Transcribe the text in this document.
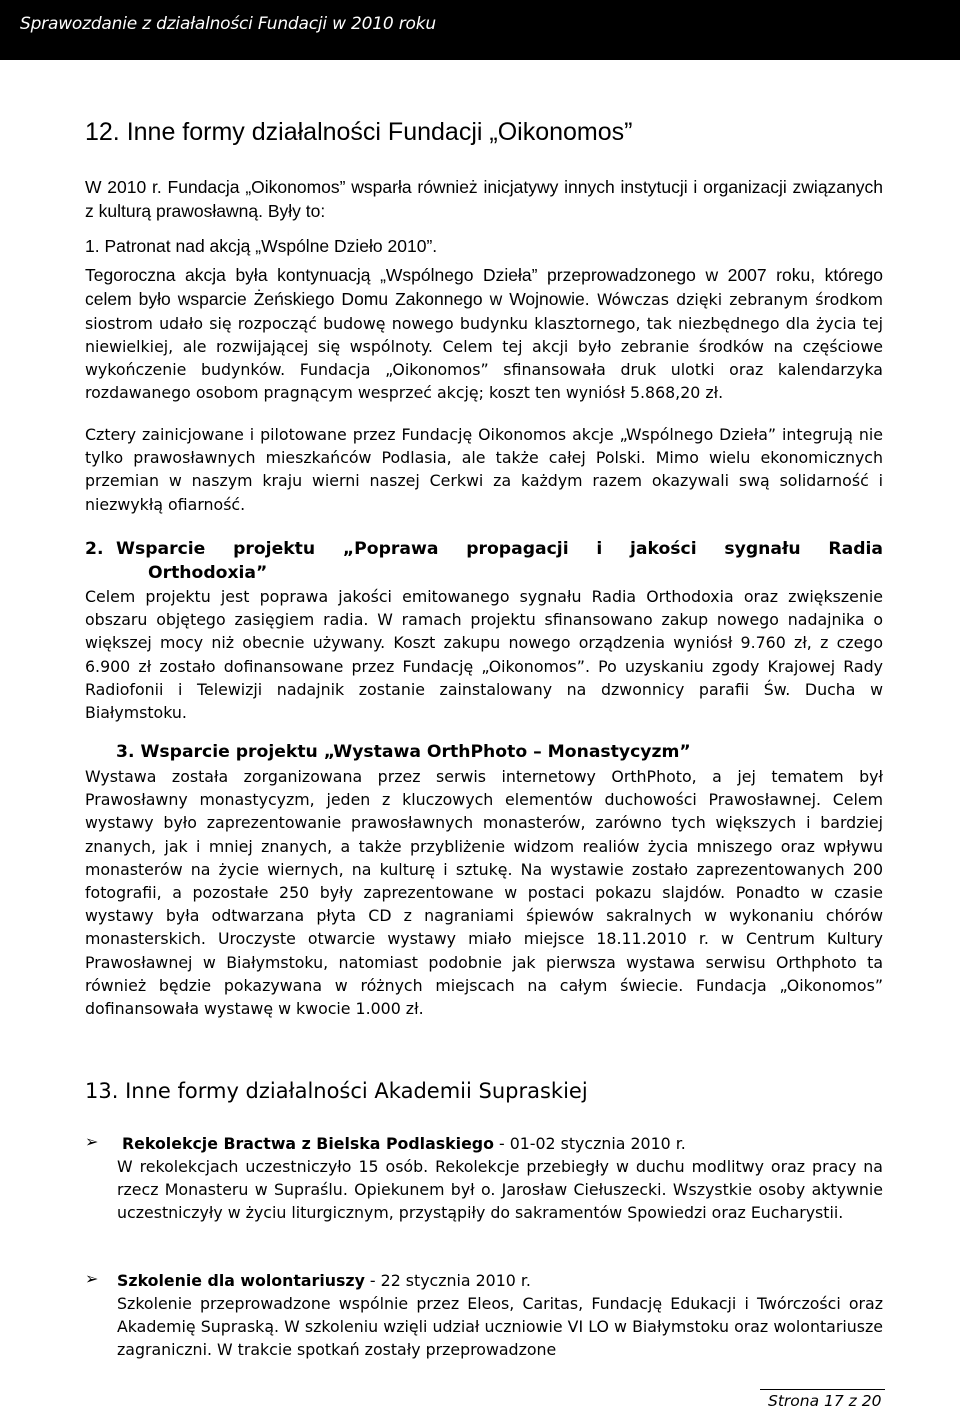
Sprawozdanie z działalności Fundacji w 2010 roku
12. Inne formy działalności Fundacji „Oikonomos”

W 2010 r. Fundacja „Oikonomos” wsparła również inicjatywy innych instytucji i organizacji związanych z kulturą prawosławną. Były to:

1. Patronat nad akcją „Wspólne Dzieło 2010”.

Tegoroczna akcja była kontynuacją „Wspólnego Dzieła” przeprowadzonego w 2007 roku, którego celem było wsparcie Żeńskiego Domu Zakonnego w Wojnowie. Wówczas dzięki zebranym środkom siostrom udało się rozpocząć budowę nowego budynku klasztornego, tak niezbędnego dla życia tej niewielkiej, ale rozwijającej się wspólnoty. Celem tej akcji było zebranie środków na częściowe wykończenie budynków. Fundacja „Oikonomos” sfinansowała druk ulotki oraz kalendarzyka rozdawanego osobom pragnącym wesprzeć akcję; koszt ten wyniósł 5.868,20 zł.

Cztery zainicjowane i pilotowane przez Fundację Oikonomos akcje „Wspólnego Dzieła” integrują nie tylko prawosławnych mieszkańców Podlasia, ale także całej Polski. Mimo wielu ekonomicznych przemian w naszym kraju wierni naszej Cerkwi za każdym razem okazywali swą solidarność i niezwykłą ofiarność.

2. Wsparcie projektu „Poprawa propagacji i jakości sygnału Radia
Orthodoxia”

Celem projektu jest poprawa jakości emitowanego sygnału Radia Orthodoxia oraz zwiększenie obszaru objętego zasięgiem radia. W ramach projektu sfinansowano zakup nowego nadajnika o większej mocy niż obecnie używany. Koszt zakupu nowego orządzenia wyniósł 9.760 zł, z czego 6.900 zł zostało dofinansowane przez Fundację „Oikonomos”. Po uzyskaniu zgody Krajowej Rady Radiofonii i Telewizji nadajnik zostanie zainstalowany na dzwonnicy parafii Św. Ducha w Białymstoku.

3. Wsparcie projektu „Wystawa OrthPhoto – Monastycyzm”

Wystawa została zorganizowana przez serwis internetowy OrthPhoto, a jej tematem był Prawosławny monastycyzm, jeden z kluczowych elementów duchowości Prawosławnej. Celem wystawy było zaprezentowanie prawosławnych monasterów, zarówno tych większych i bardziej znanych, jak i mniej znanych, a także przybliżenie widzom realiów życia mniszego oraz wpływu monasterów na życie wiernych, na kulturę i sztukę. Na wystawie zostało zaprezentowanych 200 fotografii, a pozostałe 250 były zaprezentowane w postaci pokazu slajdów. Ponadto w czasie wystawy była odtwarzana płyta CD z nagraniami śpiewów sakralnych w wykonaniu chórów monasterskich. Uroczyste otwarcie wystawy miało miejsce 18.11.2010 r. w Centrum Kultury Prawosławnej w Białymstoku, natomiast podobnie jak pierwsza wystawa serwisu Orthphoto ta również będzie pokazywana w różnych miejscach na całym świecie. Fundacja „Oikonomos” dofinansowała wystawę w kwocie 1.000 zł.

13. Inne formy działalności Akademii Supraskiej
➢ Rekolekcje Bractwa z Bielska Podlaskiego - 01-02 stycznia 2010 r.

W rekolekcjach uczestniczyło 15 osób. Rekolekcje przebiegły w duchu modlitwy oraz pracy na rzecz Monasteru w Supraślu. Opiekunem był o. Jarosław Ciełuszecki. Wszystkie osoby aktywnie uczestniczyły w życiu liturgicznym, przystąpiły do sakramentów Spowiedzi oraz Eucharystii.

➢ Szkolenie dla wolontariuszy - 22 stycznia 2010 r.

Szkolenie przeprowadzone wspólnie przez Eleos, Caritas, Fundację Edukacji i Twórczości oraz Akademię Supraską. W szkoleniu wzięli udział uczniowie VI LO w Białymstoku oraz wolontariusze zagraniczni. W trakcie spotkań zostały przeprowadzone

Strona 17 z 20
